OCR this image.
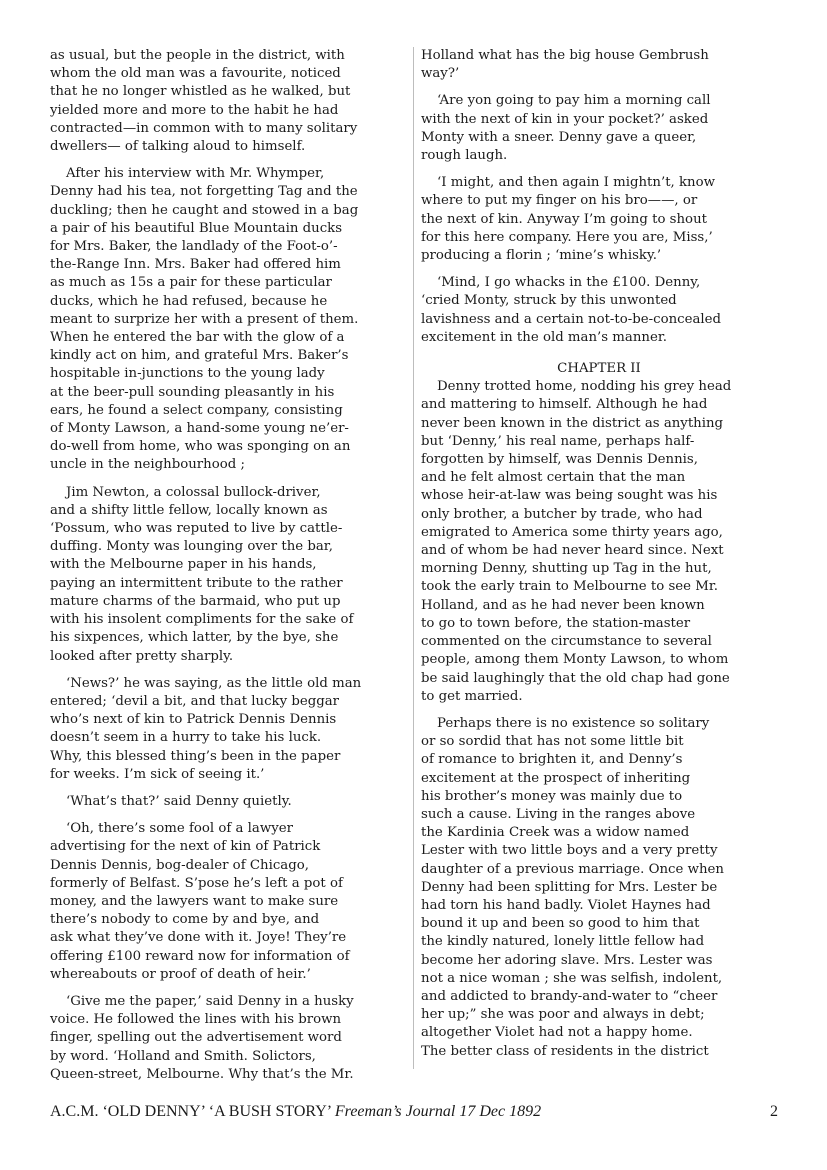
as usual, but the people in the district, with
whom the old man was a favourite, noticed
that he no longer whistled as he walked, but
yielded more and more to the habit he had
contracted—in common with to many solitary
dwellers— of talking aloud to himself.
After his interview with Mr. Whymper,
Denny had his tea, not forgetting Tag and the
duckling; then he caught and stowed in a bag
a pair of his beautiful Blue Mountain ducks
for Mrs. Baker, the landlady of the Foot-o’-
the-Range Inn. Mrs. Baker had offered him
as much as 15s a pair for these particular
ducks, which he had refused, because he
meant to surprize her with a present of them.
When he entered the bar with the glow of a
kindly act on him, and grateful Mrs. Baker’s
hospitable in-junctions to the young lady
at the beer-pull sounding pleasantly in his
ears, he found a select company, consisting
of Monty Lawson, a hand-some young ne’er-
do-well from home, who was sponging on an
uncle in the neighbourhood ;
Jim Newton, a colossal bullock-driver,
and a shifty little fellow, locally known as
‘Possum, who was reputed to live by cattle-
duffing. Monty was lounging over the bar,
with the Melbourne paper in his hands,
paying an intermittent tribute to the rather
mature charms of the barmaid, who put up
with his insolent compliments for the sake of
his sixpences, which latter, by the bye, she
looked after pretty sharply.
‘News?’ he was saying, as the little old man
entered; ‘devil a bit, and that lucky beggar
who’s next of kin to Patrick Dennis Dennis
doesn’t seem in a hurry to take his luck.
Why, this blessed thing’s been in the paper
for weeks. I’m sick of seeing it.’
‘What’s that?’ said Denny quietly.
‘Oh, there’s some fool of a lawyer
advertising for the next of kin of Patrick
Dennis Dennis, bog-dealer of Chicago,
formerly of Belfast. S’pose he’s left a pot of
money, and the lawyers want to make sure
there’s nobody to come by and bye, and
ask what they’ve done with it. Joye! They’re
offering £100 reward now for information of
whereabouts or proof of death of heir.’
‘Give me the paper,’ said Denny in a husky
voice. He followed the lines with his brown
finger, spelling out the advertisement word
by word. ‘Holland and Smith. Solictors,
Queen-street, Melbourne. Why that’s the Mr.
Holland what has the big house Gembrush
way?’
‘Are yon going to pay him a morning call
with the next of kin in your pocket?’ asked
Monty with a sneer. Denny gave a queer,
rough laugh.
‘I might, and then again I mightn’t, know
where to put my finger on his bro——, or
the next of kin. Anyway I’m going to shout
for this here company. Here you are, Miss,’
producing a florin ; ‘mine’s whisky.’
‘Mind, I go whacks in the £100. Denny,
‘cried Monty, struck by this unwonted
lavishness and a certain not-to-be-concealed
excitement in the old man’s manner.
CHAPTER II
Denny trotted home, nodding his grey head
and mattering to himself. Although he had
never been known in the district as anything
but ‘Denny,’ his real name, perhaps half-
forgotten by himself, was Dennis Dennis,
and he felt almost certain that the man
whose heir-at-law was being sought was his
only brother, a butcher by trade, who had
emigrated to America some thirty years ago,
and of whom be had never heard since. Next
morning Denny, shutting up Tag in the hut,
took the early train to Melbourne to see Mr.
Holland, and as he had never been known
to go to town before, the station-master
commented on the circumstance to several
people, among them Monty Lawson, to whom
be said laughingly that the old chap had gone
to get married.
Perhaps there is no existence so solitary
or so sordid that has not some little bit
of romance to brighten it, and Denny’s
excitement at the prospect of inheriting
his brother’s money was mainly due to
such a cause. Living in the ranges above
the Kardinia Creek was a widow named
Lester with two little boys and a very pretty
daughter of a previous marriage. Once when
Denny had been splitting for Mrs. Lester be
had torn his hand badly. Violet Haynes had
bound it up and been so good to him that
the kindly natured, lonely little fellow had
become her adoring slave. Mrs. Lester was
not a nice woman ; she was selfish, indolent,
and addicted to brandy-and-water to “cheer
her up;” she was poor and always in debt;
altogether Violet had not a happy home.
The better class of residents in the district
A.C.M. ‘OLD DENNY’ ‘A BUSH STORY’ Freeman’s Journal 17 Dec 1892	2
